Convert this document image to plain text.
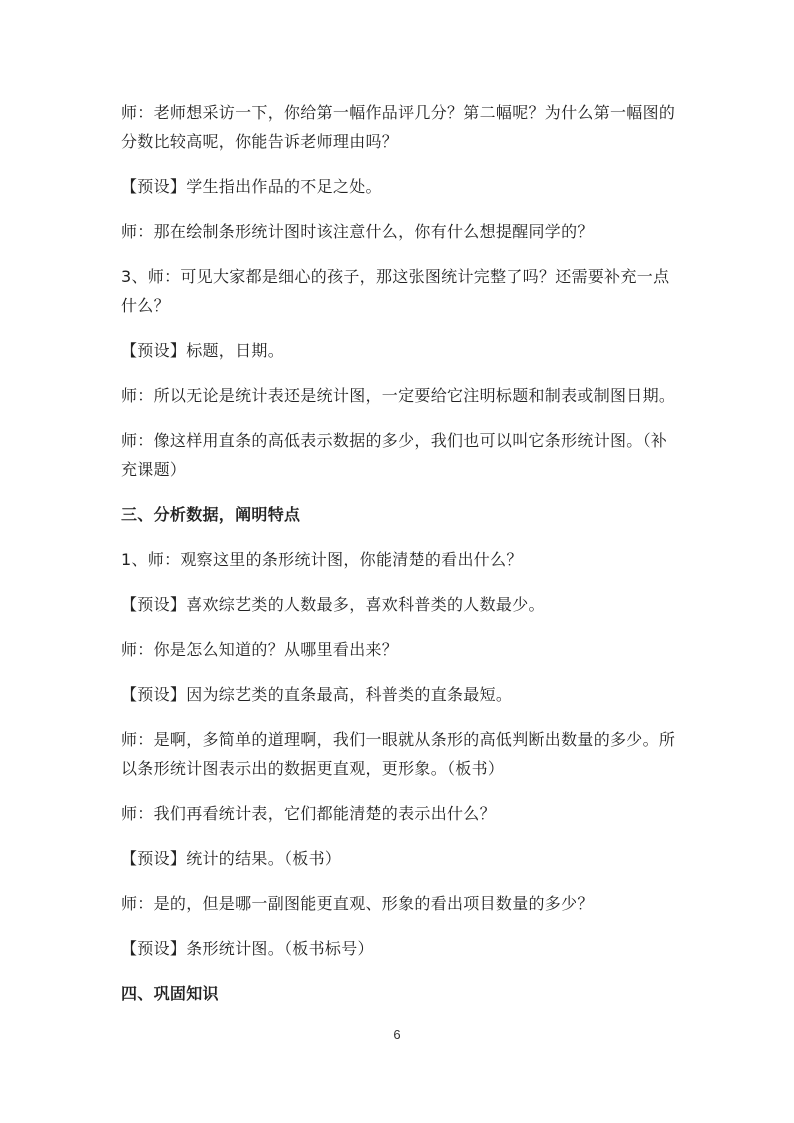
师：老师想采访一下，你给第一幅作品评几分？第二幅呢？为什么第一幅图的分数比较高呢，你能告诉老师理由吗？

【预设】学生指出作品的不足之处。

师：那在绘制条形统计图时该注意什么，你有什么想提醒同学的？

3、师：可见大家都是细心的孩子，那这张图统计完整了吗？还需要补充一点什么？

【预设】标题，日期。

师：所以无论是统计表还是统计图，一定要给它注明标题和制表或制图日期。

师：像这样用直条的高低表示数据的多少，我们也可以叫它条形统计图。（补充课题）

三、分析数据，阐明特点

1、师：观察这里的条形统计图，你能清楚的看出什么？

【预设】喜欢综艺类的人数最多，喜欢科普类的人数最少。

师：你是怎么知道的？从哪里看出来？

【预设】因为综艺类的直条最高，科普类的直条最短。

师：是啊，多简单的道理啊，我们一眼就从条形的高低判断出数量的多少。所以条形统计图表示出的数据更直观，更形象。（板书）

师：我们再看统计表，它们都能清楚的表示出什么？

【预设】统计的结果。（板书）

师：是的，但是哪一副图能更直观、形象的看出项目数量的多少？

【预设】条形统计图。（板书标号）

四、巩固知识

6
